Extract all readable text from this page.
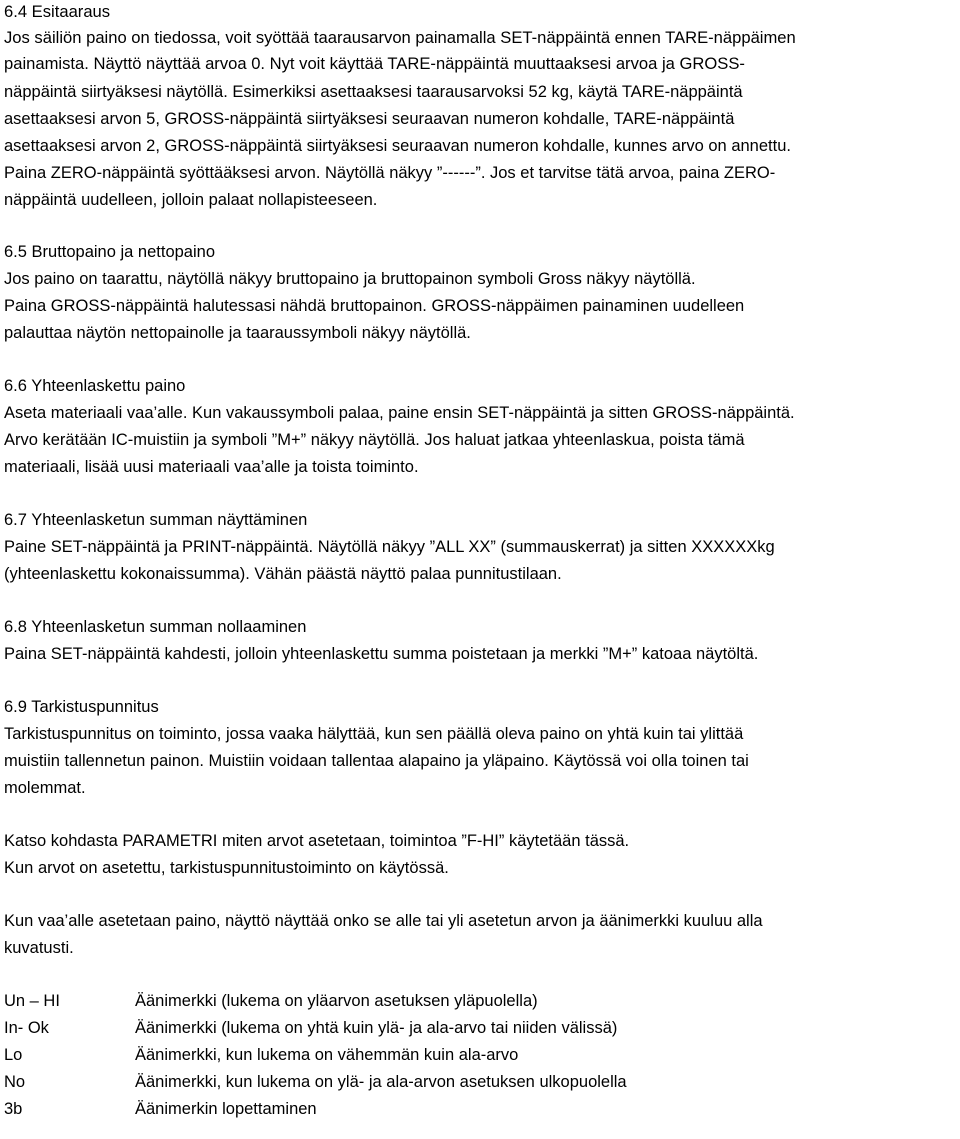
6.4 Esitaaraus
Jos säiliön paino on tiedossa, voit syöttää taarausarvon painamalla SET-näppäintä ennen TARE-näppäimen
painamista. Näyttö näyttää arvoa 0. Nyt voit käyttää TARE-näppäintä muuttaaksesi arvoa ja GROSS-
näppäintä siirtyäksesi näytöllä. Esimerkiksi asettaaksesi taarausarvoksi 52 kg, käytä TARE-näppäintä
asettaaksesi arvon 5, GROSS-näppäintä siirtyäksesi seuraavan numeron kohdalle, TARE-näppäintä
asettaaksesi arvon 2, GROSS-näppäintä siirtyäksesi seuraavan numeron kohdalle, kunnes arvo on annettu.
Paina ZERO-näppäintä syöttääksesi arvon. Näytöllä näkyy ”------”. Jos et tarvitse tätä arvoa, paina ZERO-
näppäintä uudelleen, jolloin palaat nollapisteeseen.
6.5 Bruttopaino ja nettopaino
Jos paino on taarattu, näytöllä näkyy bruttopaino ja bruttopainon symboli Gross näkyy näytöllä.
Paina GROSS-näppäintä halutessasi nähdä bruttopainon. GROSS-näppäimen painaminen uudelleen
palauttaa näytön nettopainolle ja taaraussymboli näkyy näytöllä.
6.6 Yhteenlaskettu paino
Aseta materiaali vaa’alle. Kun vakaussymboli palaa, paine ensin SET-näppäintä ja sitten GROSS-näppäintä.
Arvo kerätään IC-muistiin ja symboli ”M+” näkyy näytöllä. Jos haluat jatkaa yhteenlaskua, poista tämä
materiaali, lisää uusi materiaali vaa’alle ja toista toiminto.
6.7 Yhteenlasketun summan näyttäminen
Paine SET-näppäintä ja PRINT-näppäintä. Näytöllä näkyy ”ALL XX” (summauskerrat) ja sitten XXXXXXkg
(yhteenlaskettu kokonaissumma). Vähän päästä näyttö palaa punnitustilaan.
6.8 Yhteenlasketun summan nollaaminen
Paina SET-näppäintä kahdesti, jolloin yhteenlaskettu summa poistetaan ja merkki ”M+” katoaa näytöltä.
6.9 Tarkistuspunnitus
Tarkistuspunnitus on toiminto, jossa vaaka hälyttää, kun sen päällä oleva paino on yhtä kuin tai ylittää
muistiin tallennetun painon. Muistiin voidaan tallentaa alapaino ja yläpaino. Käytössä voi olla toinen tai
molemmat.
Katso kohdasta PARAMETRI miten arvot asetetaan, toimintoa ”F-HI” käytetään tässä.
Kun arvot on asetettu, tarkistuspunnitustoiminto on käytössä.
Kun vaa’alle asetetaan paino, näyttö näyttää onko se alle tai yli asetetun arvon ja äänimerkki kuuluu alla
kuvatusti.
Un – HI	Äänimerkki (lukema on yläarvon asetuksen yläpuolella)
In- Ok	Äänimerkki (lukema on yhtä kuin ylä- ja ala-arvo tai niiden välissä)
Lo	Äänimerkki, kun lukema on vähemmän kuin ala-arvo
No	Äänimerkki, kun lukema on ylä- ja ala-arvon asetuksen ulkopuolella
3b	Äänimerkin lopettaminen
